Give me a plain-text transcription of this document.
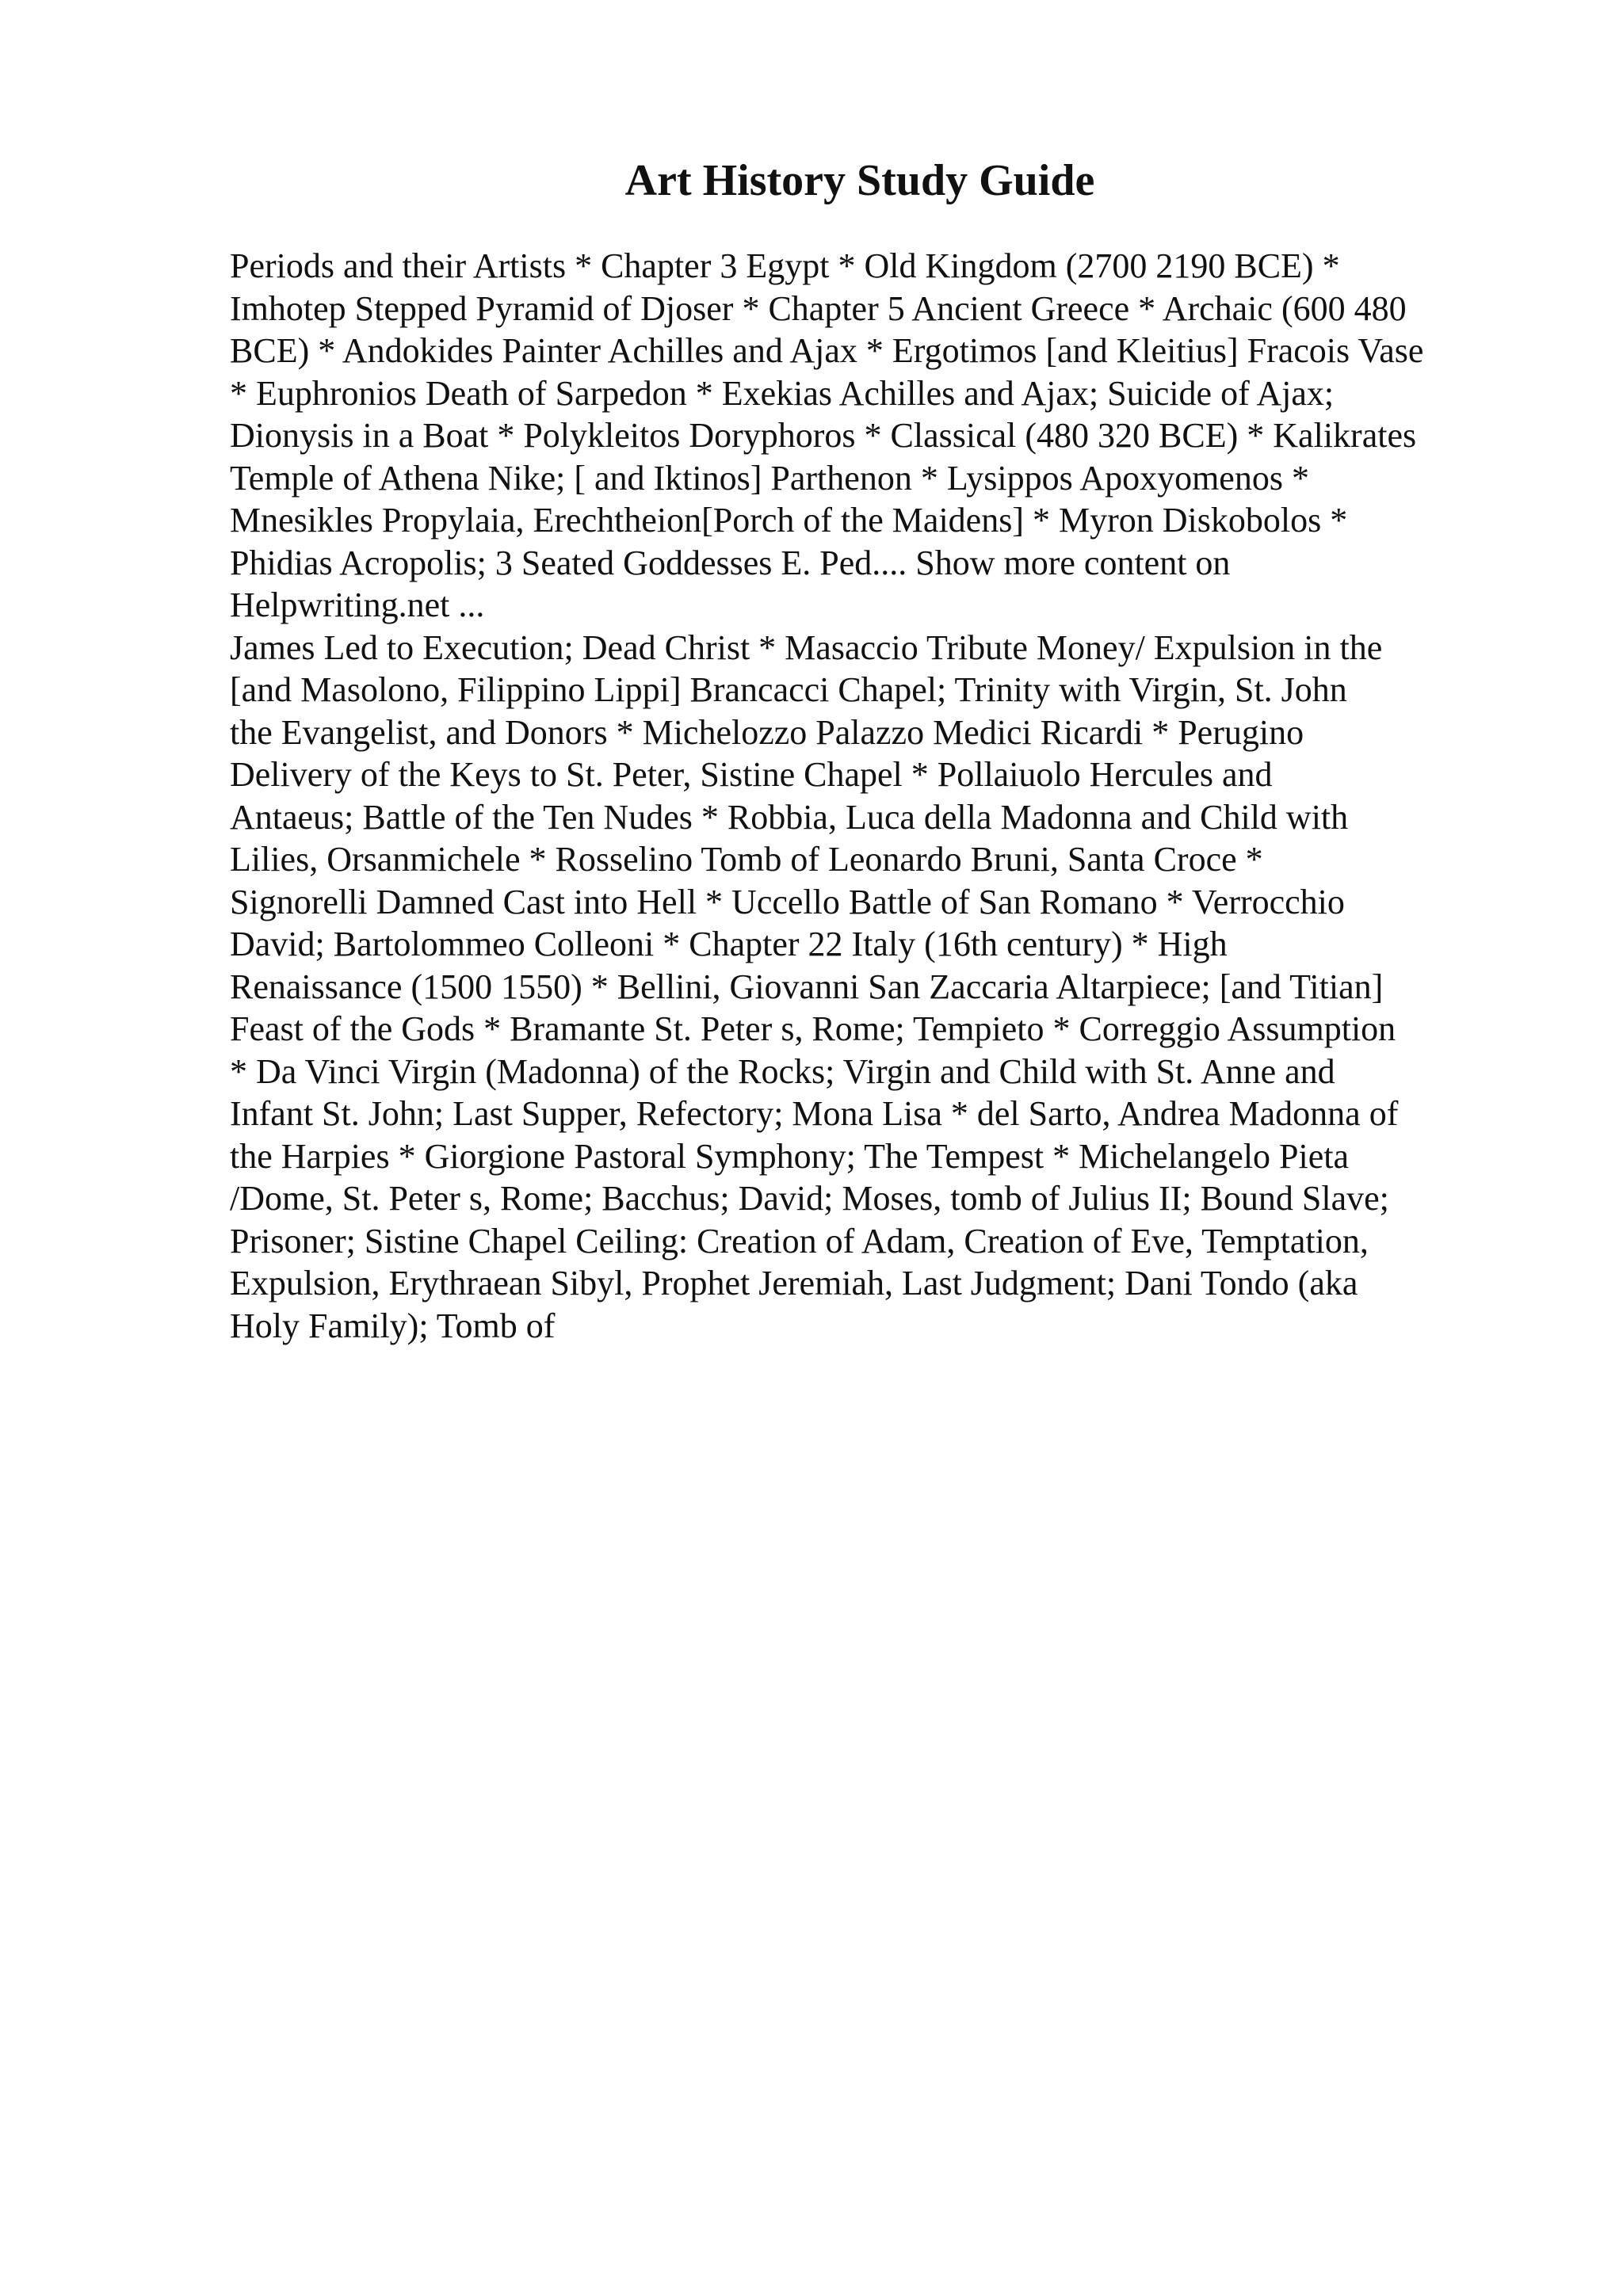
Art History Study Guide

Periods and their Artists * Chapter 3 Egypt * Old Kingdom (2700 2190 BCE) *
Imhotep Stepped Pyramid of Djoser * Chapter 5 Ancient Greece * Archaic (600 480
BCE) * Andokides Painter Achilles and Ajax * Ergotimos [and Kleitius] Fracois Vase
* Euphronios Death of Sarpedon * Exekias Achilles and Ajax; Suicide of Ajax;
Dionysis in a Boat * Polykleitos Doryphoros * Classical (480 320 BCE) * Kalikrates
Temple of Athena Nike; [ and Iktinos] Parthenon * Lysippos Apoxyomenos *
Mnesikles Propylaia, Erechtheion[Porch of the Maidens] * Myron Diskobolos *
Phidias Acropolis; 3 Seated Goddesses E. Ped.... Show more content on
Helpwriting.net ...

James Led to Execution; Dead Christ * Masaccio Tribute Money/ Expulsion in the
[and Masolono, Filippino Lippi] Brancacci Chapel; Trinity with Virgin, St. John
the Evangelist, and Donors * Michelozzo Palazzo Medici Ricardi * Perugino
Delivery of the Keys to St. Peter, Sistine Chapel * Pollaiuolo Hercules and
Antaeus; Battle of the Ten Nudes * Robbia, Luca della Madonna and Child with
Lilies, Orsanmichele * Rosselino Tomb of Leonardo Bruni, Santa Croce *
Signorelli Damned Cast into Hell * Uccello Battle of San Romano * Verrocchio
David; Bartolommeo Colleoni * Chapter 22 Italy (16th century) * High
Renaissance (1500 1550) * Bellini, Giovanni San Zaccaria Altarpiece; [and Titian]
Feast of the Gods * Bramante St. Peter s, Rome; Tempieto * Correggio Assumption
* Da Vinci Virgin (Madonna) of the Rocks; Virgin and Child with St. Anne and
Infant St. John; Last Supper, Refectory; Mona Lisa * del Sarto, Andrea Madonna of
the Harpies * Giorgione Pastoral Symphony; The Tempest * Michelangelo Pieta
/Dome, St. Peter s, Rome; Bacchus; David; Moses, tomb of Julius II; Bound Slave;
Prisoner; Sistine Chapel Ceiling: Creation of Adam, Creation of Eve, Temptation,
Expulsion, Erythraean Sibyl, Prophet Jeremiah, Last Judgment; Dani Tondo (aka
Holy Family); Tomb of
